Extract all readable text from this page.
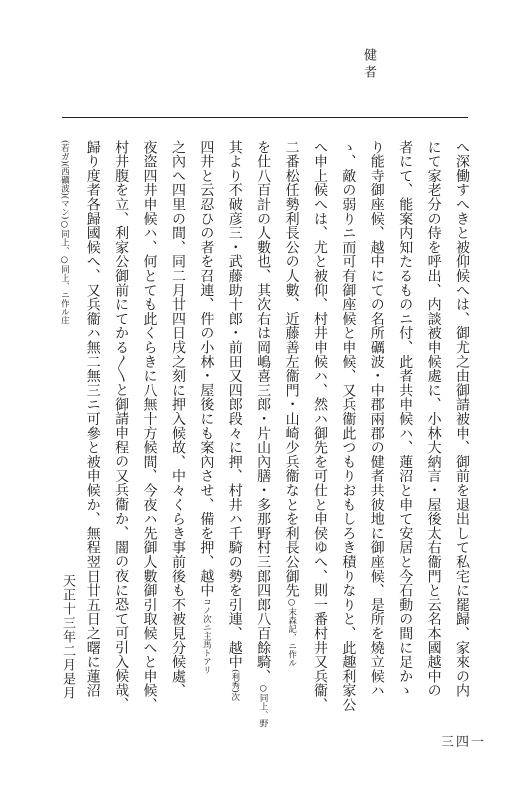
健者
へ深働すへきと被仰候へは、御尤之由御請被申、御前を退出して私宅に罷歸、家來の内
にて家老分の侍を呼出、内談被申候處に、小林大納言・屋後太右衞門と云名本國越中の
者にて、能案内知たるものニ付、此者共申候ハ、蓮沼と申て安居と今石動の間に足かゝ
り能寺御座候、越中にての名所礪波・中郡兩郡の健者共彼地に御座候、是所を燒立候ハ
ゝ、敵の弱りニ而可有御座候と申候、又兵衞此つもりおもしろき積りなりと、此趣利家公
へ申上候へは、尤と被仰、村井申候ハ、然ハ御先を可仕と申侯ゆへ、則一番村井又兵衞、
二番松任勢利長公の人數、近藤善左衞門・山崎少兵衞なとを利長公御先○末森記、ニ作ル
を仕八百計の人數也、其次右は岡嶋喜三郎・片山內膳・多那野村三郎四郎八百餘騎、○同上、野
其より不破彦三・武藤助十郎・前田又四郎段々に押、村井ハ千騎の勢を引連、越中(利秀)次
四井と云忍ひの者を召連、件の小林・屋後にも案內させ、備を押、越中コノ次ニ主馬トアリ
之內へ四里の間、同二月廿四日戌之刻に押入候故、中々くらき事前後も不被見分候處、
夜盗四井申候ハ、何とても此くらきに八無十方候間、今夜ハ先御人數御引取候へと申候、
村井腹を立、利家公御前にてかる〳〵と御請申程の又兵衞か、闇の夜に恐て可引入候哉、
歸り度者各歸國候へ、又兵衞ハ無二無三ニ可參と被申候か、無程翌日廿五日之曙に蓮沼
(若ガ)(西礪波)(マン)○同上、○同上、ニ作ル庄
天正十三年二月是月
三四一
